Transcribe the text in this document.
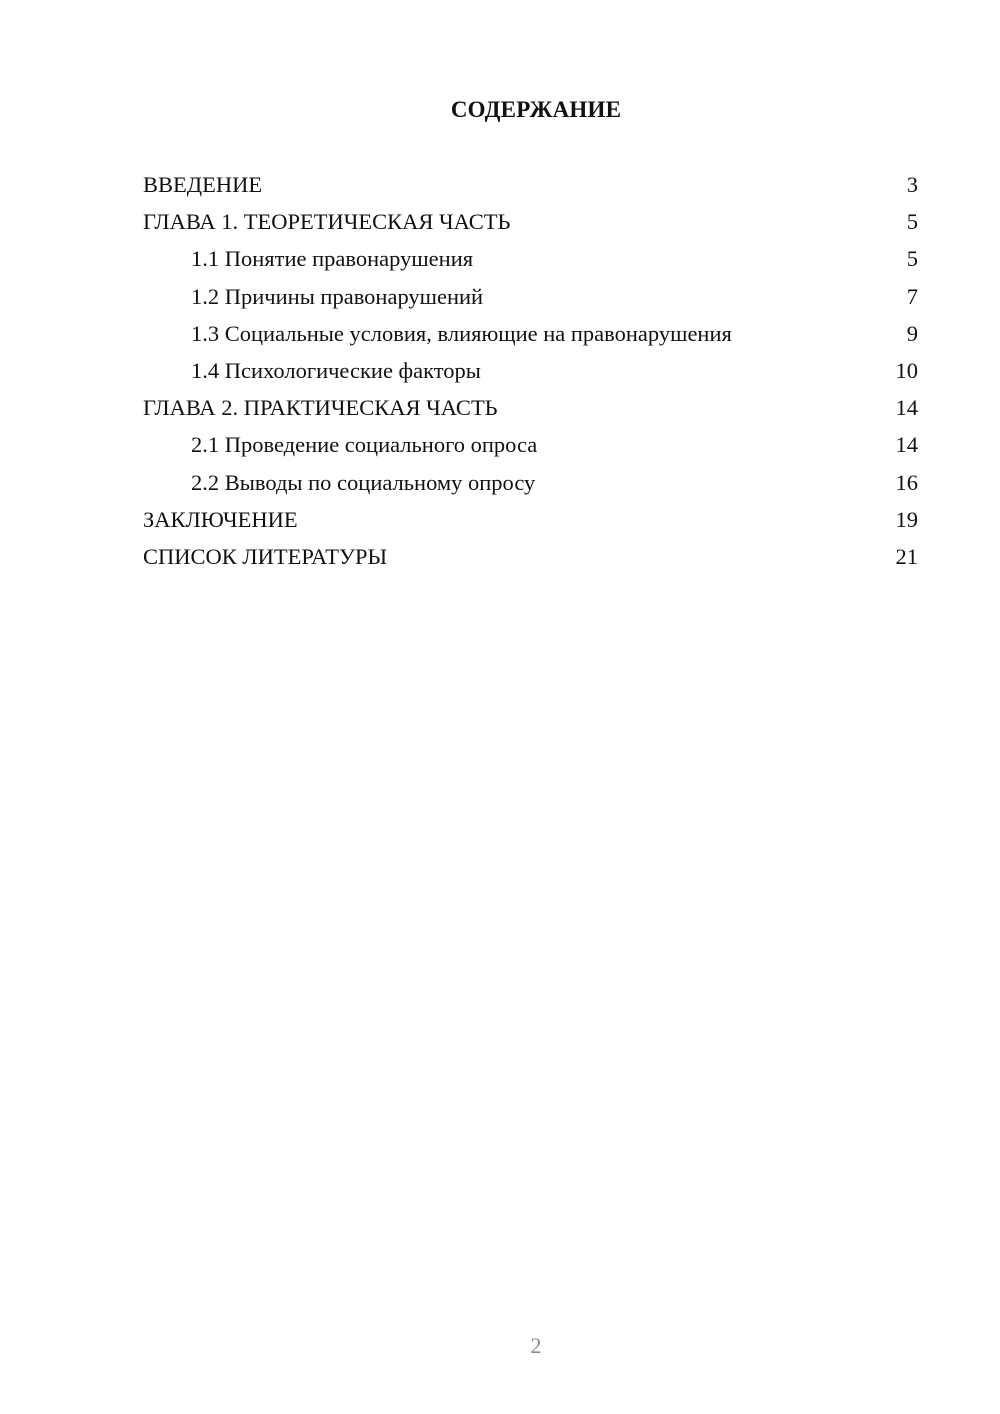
СОДЕРЖАНИЕ
ВВЕДЕНИЕ	3
ГЛАВА 1. ТЕОРЕТИЧЕСКАЯ ЧАСТЬ	5
1.1 Понятие правонарушения	5
1.2 Причины правонарушений	7
1.3 Социальные условия, влияющие на правонарушения	9
1.4 Психологические факторы	10
ГЛАВА 2. ПРАКТИЧЕСКАЯ ЧАСТЬ	14
2.1 Проведение социального опроса	14
2.2 Выводы по социальному опросу	16
ЗАКЛЮЧЕНИЕ	19
СПИСОК ЛИТЕРАТУРЫ	21
2
